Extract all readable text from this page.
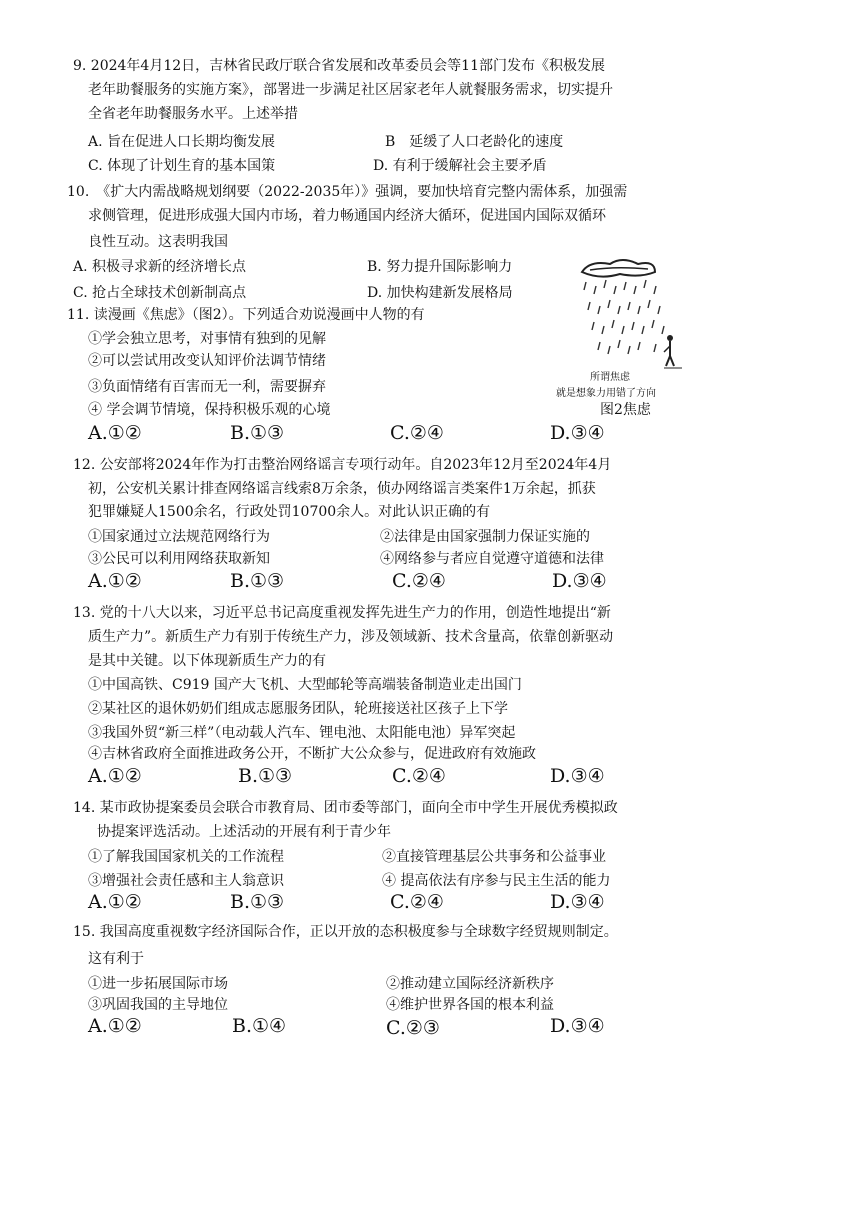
9. 2024年4月12日，吉林省民政厅联合省发展和改革委员会等11部门发布《积极发展
老年助餐服务的实施方案》，部署进一步满足社区居家老年人就餐服务需求，切实提升
全省老年助餐服务水平。上述举措
A. 旨在促进人口长期均衡发展	B　延缓了人口老龄化的速度
C. 体现了计划生育的基本国策	D. 有利于缓解社会主要矛盾
10.　《扩大内需战略规划纲要（2022-2035年）》强调，要加快培育完整内需体系，加强需
求侧管理，促进形成强大国内市场，着力畅通国内经济大循环，促进国内国际双循环
良性互动。这表明我国
A. 积极寻求新的经济增长点	B. 努力提升国际影响力
C. 抢占全球技术创新制高点	D. 加快构建新发展格局
11. 读漫画《焦虑》（图2）。下列适合劝说漫画中人物的有
①学会独立思考，对事情有独到的见解
②可以尝试用改变认知评价法调节情绪
③负面情绪有百害而无一利，需要摒弃
④ 学会调节情境，保持积极乐观的心境
A.①②	B.①③	C.②④	D.③④
所谓焦虑
就是想象力用错了方向
图2焦虑
12. 公安部将2024年作为打击整治网络谣言专项行动年。自2023年12月至2024年4月
初，公安机关累计排查网络谣言线索8万余条，侦办网络谣言类案件1万余起，抓获
犯罪嫌疑人1500余名，行政处罚10700余人。对此认识正确的有
①国家通过立法规范网络行为	②法律是由国家强制力保证实施的
③公民可以利用网络获取新知	④网络参与者应自觉遵守道德和法律
A.①②	B.①③	C.②④	D.③④
13. 党的十八大以来，习近平总书记高度重视发挥先进生产力的作用，创造性地提出“新
质生产力”。新质生产力有别于传统生产力，涉及领域新、技术含量高，依靠创新驱动
是其中关键。以下体现新质生产力的有
①中国高铁、C919 国产大飞机、大型邮轮等高端装备制造业走出国门
②某社区的退休奶奶们组成志愿服务团队，轮班接送社区孩子上下学
③我国外贸“新三样”（电动载人汽车、锂电池、太阳能电池）异军突起
④吉林省政府全面推进政务公开，不断扩大公众参与，促进政府有效施政
A.①②	B.①③	C.②④	D.③④
14. 某市政协提案委员会联合市教育局、团市委等部门，面向全市中学生开展优秀模拟政
协提案评选活动。上述活动的开展有利于青少年
①了解我国国家机关的工作流程	②直接管理基层公共事务和公益事业
③增强社会责任感和主人翁意识	④ 提高依法有序参与民主生活的能力
A.①②	B.①③	C.②④	D.③④
15. 我国高度重视数字经济国际合作，正以开放的态积极度参与全球数字经贸规则制定。
这有利于
①进一步拓展国际市场	②推动建立国际经济新秩序
③巩固我国的主导地位	④维护世界各国的根本利益
A.①②	B.①④	C.②③	D.③④
